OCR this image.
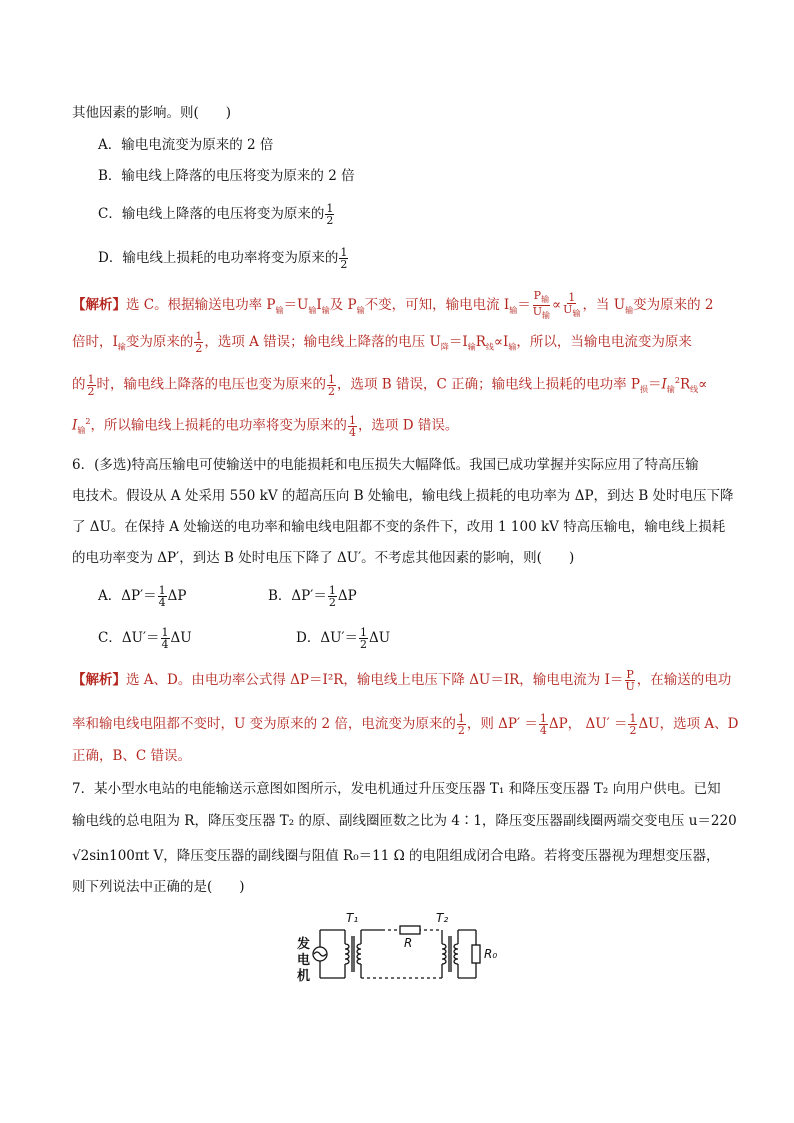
其他因素的影响。则(　　)
A．输电电流变为原来的 2 倍
B．输电线上降落的电压将变为原来的 2 倍
C．输电线上降落的电压将变为原来的 $\frac{1}{2}$
D．输电线上损耗的电功率将变为原来的 $\frac{1}{2}$
【解析】选 C。根据输送电功率 $P_输=U_输I_输$及 $P_输$不变，可知，输电电流 $I_输= \frac{P_输}{U_输} \propto \frac{1}{U_输}$ ，当 $U_输$变为原来的 2
倍时，$I_输$变为原来的 $\frac{1}{2}$ ，选项 A 错误；输电线上降落的电压 $U_降=I_输R_线\propto I_输$，所以，当输电电流变为原来
的 $\frac{1}{2}$ 时，输电线上降落的电压也变为原来的 $\frac{1}{2}$ ，选项 B 错误，C 正确；输电线上损耗的电功率 $P_损=I_输^2R_线\propto$
$I_输^2$，所以输电线上损耗的电功率将变为原来的 $\frac{1}{4}$ ，选项 D 错误。
6．(多选)特高压输电可使输送中的电能损耗和电压损失大幅降低。我国已成功掌握并实际应用了特高压输
电技术。假设从 A 处采用 550 kV 的超高压向 B 处输电，输电线上损耗的电功率为 ΔP，到达 B 处时电压下降
了 ΔU。在保持 A 处输送的电功率和输电线电阻都不变的条件下，改用 1 100 kV 特高压输电，输电线上损耗
的电功率变为 ΔP′，到达 B 处时电压下降了 ΔU′。不考虑其他因素的影响，则(　　)
A．$\Delta P'= \frac{1}{4}$ ΔP	B．$\Delta P'= \frac{1}{2}$ ΔP
C．$\Delta U'= \frac{1}{4}$ ΔU	D．$\Delta U'= \frac{1}{2}$ ΔU
【解析】选 A、D。由电功率公式得 ΔP＝I²R，输电线上电压下降 ΔU＝IR，输电电流为 $I= \frac{P}{U}$ ，在输送的电功
率和输电线电阻都不变时，U 变为原来的 2 倍，电流变为原来的 $\frac{1}{2}$ ，则 $\Delta P' = \frac{1}{4}$ ΔP， $\Delta U' = \frac{1}{2}$ ΔU，选项 A、D
正确，B、C 错误。
7．某小型水电站的电能输送示意图如图所示，发电机通过升压变压器 T₁ 和降压变压器 T₂ 向用户供电。已知
输电线的总电阻为 R，降压变压器 T₂ 的原、副线圈匝数之比为 4∶1，降压变压器副线圈两端交变电压 u＝220
√2sin100πt V，降压变压器的副线圈与阻值 R₀＝11 Ω 的电阻组成闭合电路。若将变压器视为理想变压器，
则下列说法中正确的是(　　)
发
电
机
T₁	T₂
R
R₀
